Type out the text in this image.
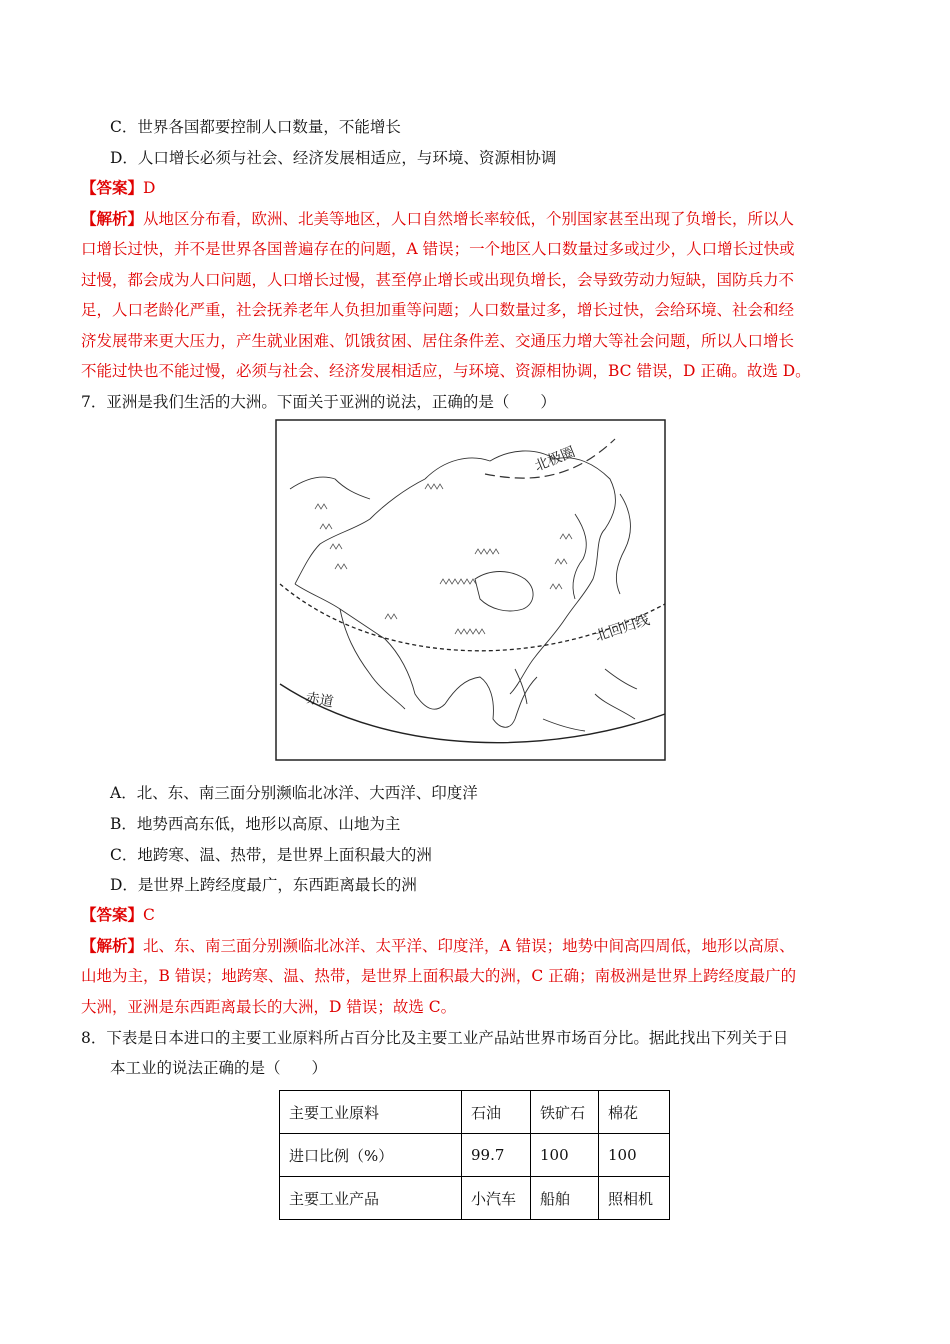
C．世界各国都要控制人口数量，不能增长
D．人口增长必须与社会、经济发展相适应，与环境、资源相协调
【答案】D
【解析】从地区分布看，欧洲、北美等地区，人口自然增长率较低，个别国家甚至出现了负增长，所以人
口增长过快，并不是世界各国普遍存在的问题，A 错误；一个地区人口数量过多或过少，人口增长过快或
过慢，都会成为人口问题，人口增长过慢，甚至停止增长或出现负增长，会导致劳动力短缺，国防兵力不
足，人口老龄化严重，社会抚养老年人负担加重等问题；人口数量过多，增长过快，会给环境、社会和经
济发展带来更大压力，产生就业困难、饥饿贫困、居住条件差、交通压力增大等社会问题，所以人口增长
不能过快也不能过慢，必须与社会、经济发展相适应，与环境、资源相协调，BC 错误，D 正确。故选 D。
7．亚洲是我们生活的大洲。下面关于亚洲的说法，正确的是（　　）
北极圈
北回归线
赤道
A．北、东、南三面分别濒临北冰洋、大西洋、印度洋
B．地势西高东低，地形以高原、山地为主
C．地跨寒、温、热带，是世界上面积最大的洲
D．是世界上跨经度最广，东西距离最长的洲
【答案】C
【解析】北、东、南三面分别濒临北冰洋、太平洋、印度洋，A 错误；地势中间高四周低，地形以高原、
山地为主，B 错误；地跨寒、温、热带，是世界上面积最大的洲，C 正确；南极洲是世界上跨经度最广的
大洲，亚洲是东西距离最长的大洲，D 错误；故选 C。
8．下表是日本进口的主要工业原料所占百分比及主要工业产品站世界市场百分比。据此找出下列关于日
本工业的说法正确的是（　　）
主要工业原料	石油	铁矿石	棉花
进口比例（%）	99.7	100	100
主要工业产品	小汽车	船舶	照相机
